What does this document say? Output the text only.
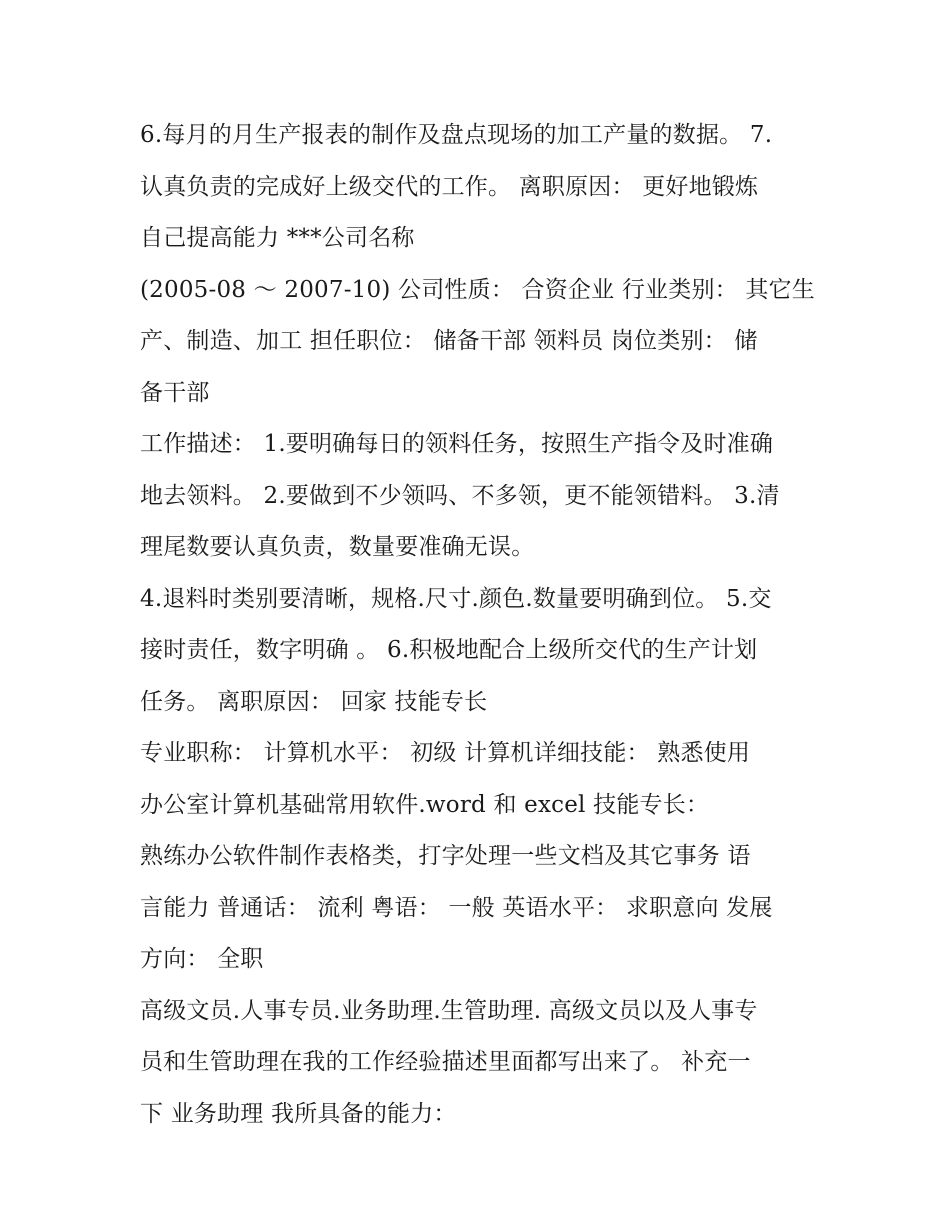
6.每月的月生产报表的制作及盘点现场的加工产量的数据。 7.
认真负责的完成好上级交代的工作。 离职原因： 更好地锻炼
自己提高能力 ***公司名称
(2005-08 ～ 2007-10) 公司性质： 合资企业 行业类别： 其它生
产、制造、加工 担任职位： 储备干部 领料员 岗位类别： 储
备干部
工作描述： 1.要明确每日的领料任务，按照生产指令及时准确
地去领料。 2.要做到不少领吗、不多领，更不能领错料。 3.清
理尾数要认真负责，数量要准确无误。
4.退料时类别要清晰，规格.尺寸.颜色.数量要明确到位。 5.交
接时责任，数字明确 。 6.积极地配合上级所交代的生产计划
任务。 离职原因： 回家 技能专长
专业职称： 计算机水平： 初级 计算机详细技能： 熟悉使用
办公室计算机基础常用软件.word 和 excel 技能专长：
熟练办公软件制作表格类，打字处理一些文档及其它事务 语
言能力 普通话： 流利 粤语： 一般 英语水平： 求职意向 发展
方向： 全职
高级文员.人事专员.业务助理.生管助理. 高级文员以及人事专
员和生管助理在我的工作经验描述里面都写出来了。 补充一
下 业务助理 我所具备的能力：
